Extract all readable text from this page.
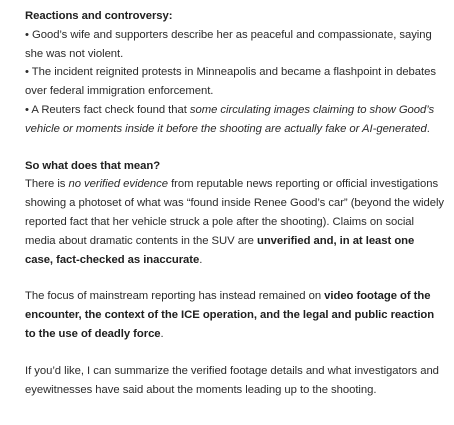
Reactions and controversy:

• Good’s wife and supporters describe her as peaceful and compassionate, saying she was not violent.

• The incident reignited protests in Minneapolis and became a flashpoint in debates over federal immigration enforcement.

• A Reuters fact check found that some circulating images claiming to show Good’s vehicle or moments inside it before the shooting are actually fake or AI-generated.

So what does that mean?

There is no verified evidence from reputable news reporting or official investigations showing a photoset of what was “found inside Renee Good’s car” (beyond the widely reported fact that her vehicle struck a pole after the shooting). Claims on social media about dramatic contents in the SUV are unverified and, in at least one case, fact-checked as inaccurate.

The focus of mainstream reporting has instead remained on video footage of the encounter, the context of the ICE operation, and the legal and public reaction to the use of deadly force.

If you’d like, I can summarize the verified footage details and what investigators and eyewitnesses have said about the moments leading up to the shooting.
